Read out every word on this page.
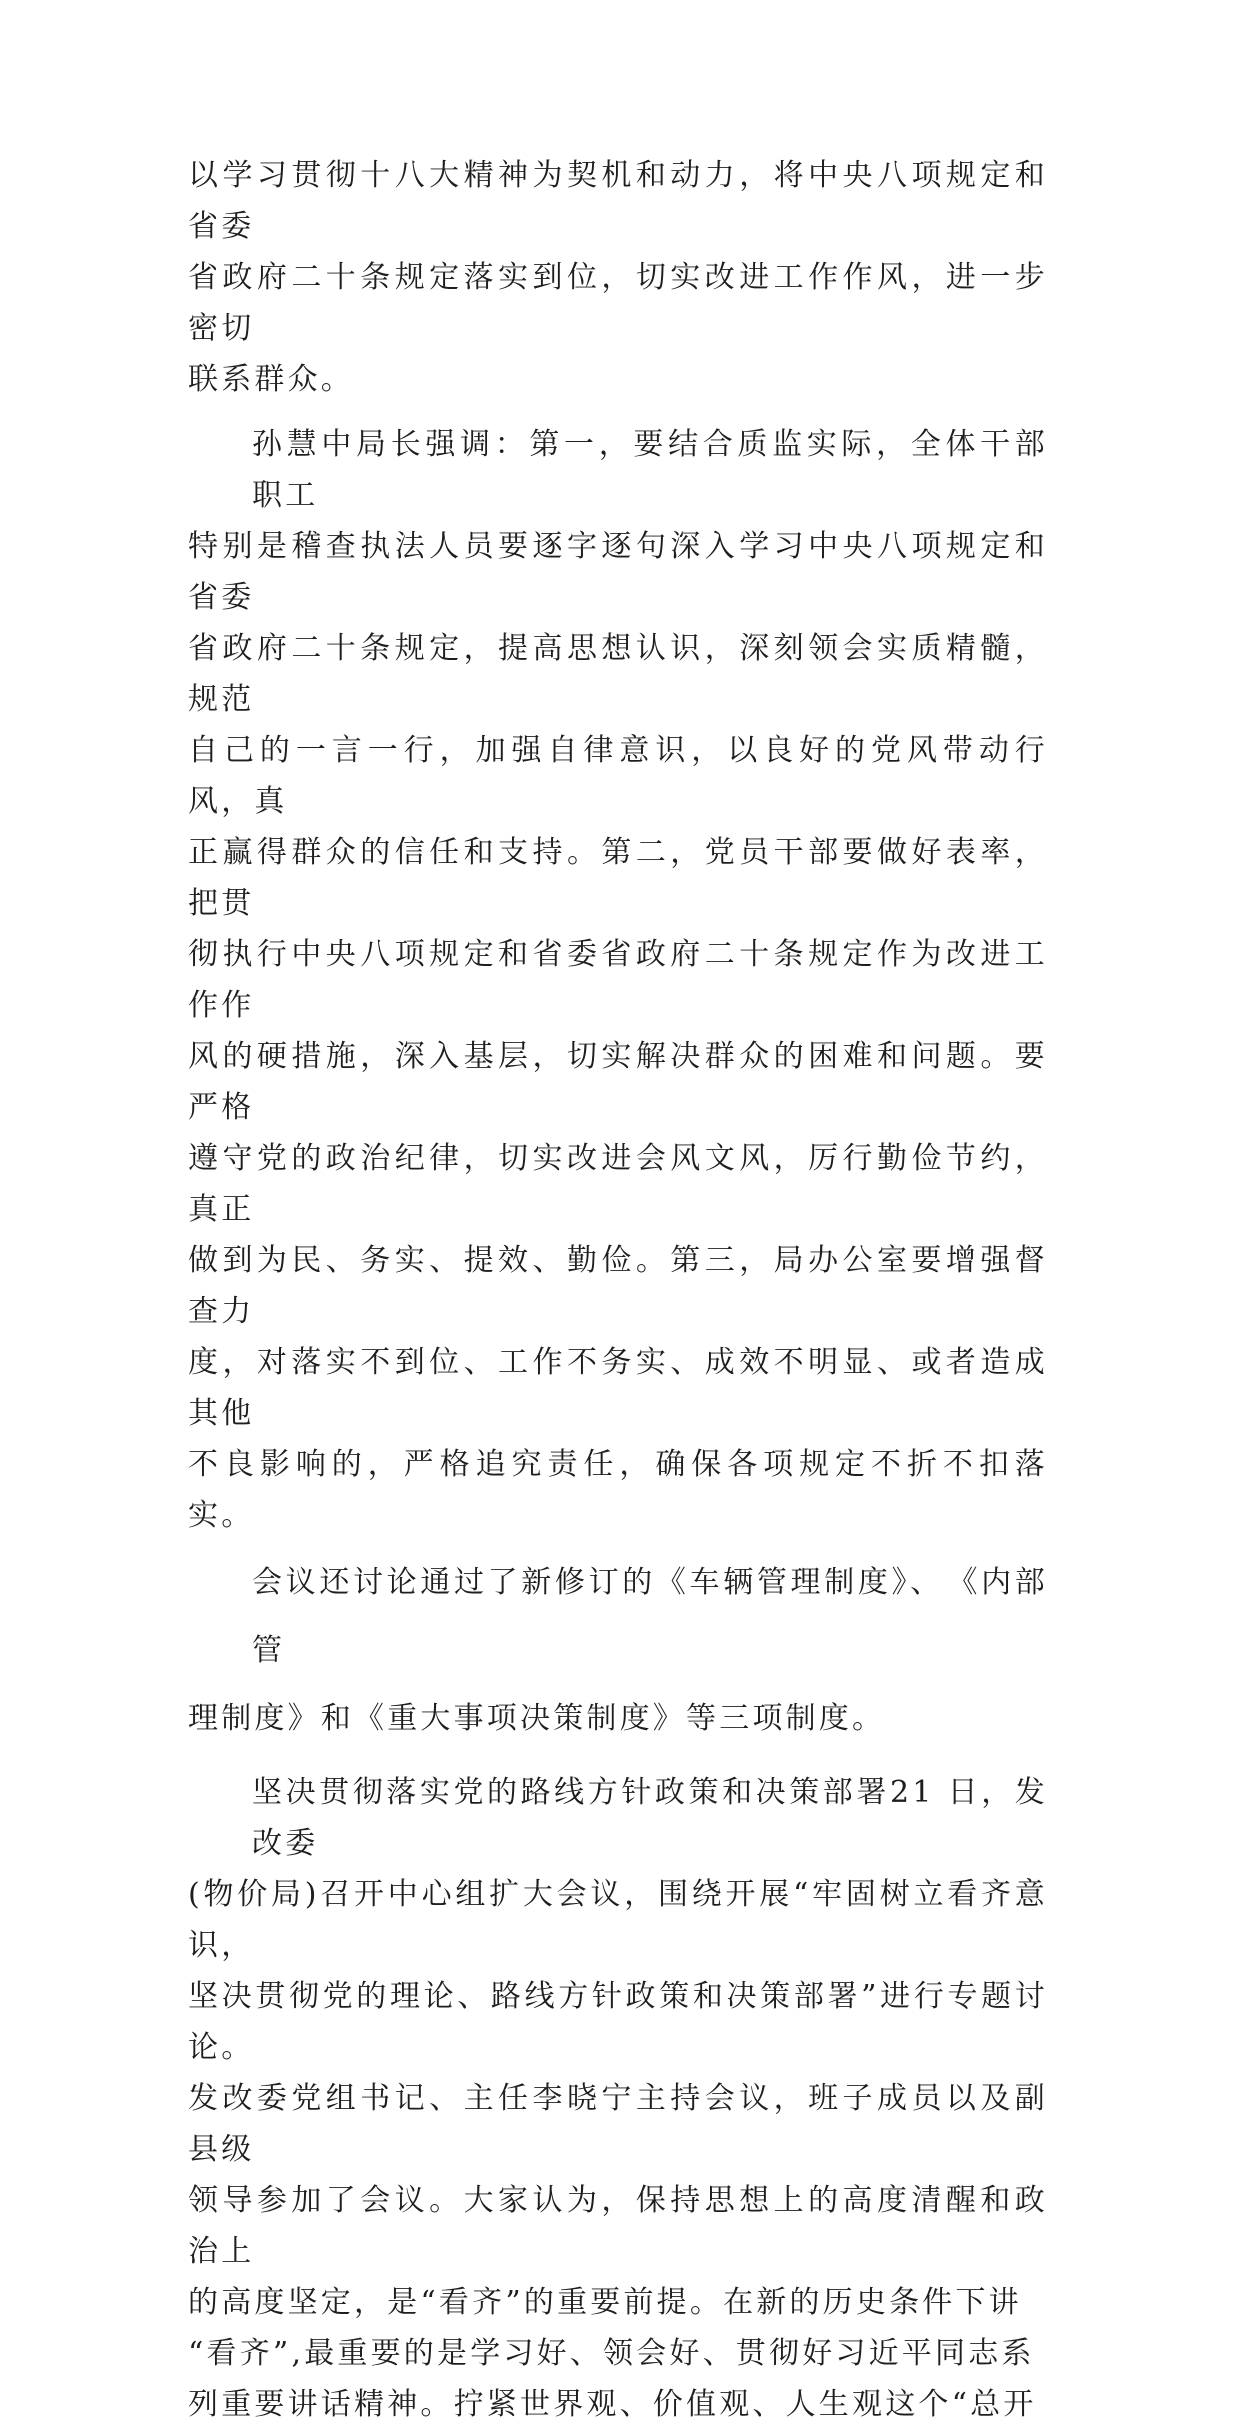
以学习贯彻十八大精神为契机和动力，将中央八项规定和省委
省政府二十条规定落实到位，切实改进工作作风，进一步密切
联系群众。
孙慧中局长强调：第一，要结合质监实际，全体干部职工
特别是稽查执法人员要逐字逐句深入学习中央八项规定和省委
省政府二十条规定，提高思想认识，深刻领会实质精髓，规范
自己的一言一行，加强自律意识，以良好的党风带动行风，真
正赢得群众的信任和支持。第二，党员干部要做好表率，把贯
彻执行中央八项规定和省委省政府二十条规定作为改进工作作
风的硬措施，深入基层，切实解决群众的困难和问题。要严格
遵守党的政治纪律，切实改进会风文风，厉行勤俭节约，真正
做到为民、务实、提效、勤俭。第三，局办公室要增强督查力
度，对落实不到位、工作不务实、成效不明显、或者造成其他
不良影响的，严格追究责任，确保各项规定不折不扣落实。
会议还讨论通过了新修订的《车辆管理制度》、　《内部管
理制度》和《重大事项决策制度》等三项制度。
坚决贯彻落实党的路线方针政策和决策部署21 日，发改委
(物价局)召开中心组扩大会议，围绕开展“牢固树立看齐意识，
坚决贯彻党的理论、路线方针政策和决策部署”进行专题讨论。
发改委党组书记、主任李晓宁主持会议，班子成员以及副县级
领导参加了会议。大家认为，保持思想上的高度清醒和政治上
的高度坚定，是“看齐”的重要前提。在新的历史条件下讲
“看齐”,最重要的是学习好、领会好、贯彻好习近平同志系
列重要讲话精神。拧紧世界观、价值观、人生观这个“总开
